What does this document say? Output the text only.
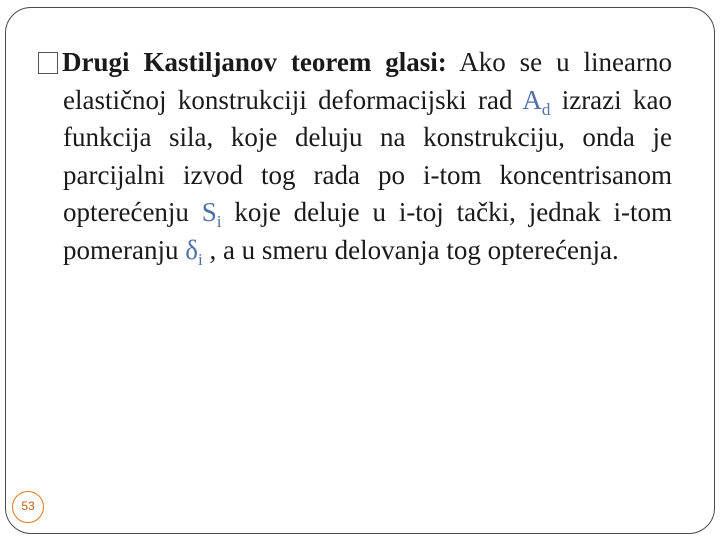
Drugi Kastiljanov teorem glasi: Ako se u linearno elastičnoj konstrukciji deformacijski rad $A_d$ izrazi kao funkcija sila, koje deluju na konstrukciju, onda je parcijalni izvod tog rada po i-tom koncentrisanom opterećenju $S_i$ koje deluje u i-toj tački, jednak i-tom pomeranju $\delta_i$ , a u smeru delovanja tog opterećenja.

53
